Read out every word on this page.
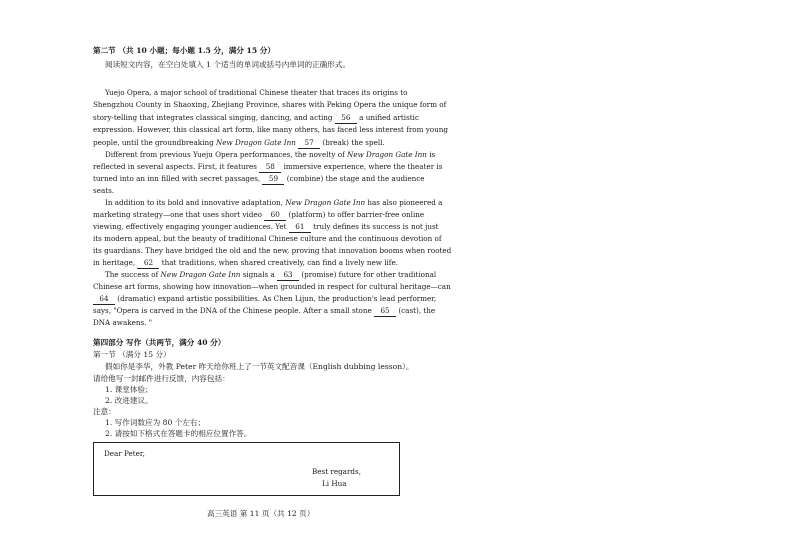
第二节 （共 10 小题；每小题 1.5 分，满分 15 分）
阅读短文内容，在空白处填入 1 个适当的单词或括号内单词的正确形式。
Yuejo Opera, a major school of traditional Chinese theater that traces its origins to
Shengzhou County in Shaoxing, Zhejiang Province, shares with Peking Opera the unique form of
story-telling that integrates classical singing, dancing, and acting 56 a unified artistic
expression. However, this classical art form, like many others, has faced less interest from young
people, until the groundbreaking New Dragon Gate Inn 57 (break) the spell.
Different from previous Yueju Opera performances, the novelty of New Dragon Gate Inn is
reflected in several aspects. First, it features 58 immersive experience, where the theater is
turned into an inn filled with secret passages, 59 (combine) the stage and the audience
seats.
In addition to its bold and innovative adaptation, New Dragon Gate Inn has also pioneered a
marketing strategy—one that uses short video 60 (platform) to offer barrier-free online
viewing, effectively engaging younger audiences. Yet 61 truly defines its success is not just
its modern appeal, but the beauty of traditional Chinese culture and the continuous devotion of
its guardians. They have bridged the old and the new, proving that innovation booms when rooted
in heritage, 62 that traditions, when shared creatively, can find a lively new life.
The success of New Dragon Gate Inn signals a 63 (promise) future for other traditional
Chinese art forms, showing how innovation—when grounded in respect for cultural heritage—can
64 (dramatic) expand artistic possibilities. As Chen Lijun, the production's lead performer,
says, "Opera is carved in the DNA of the Chinese people. After a small stone 65 (cast), the
DNA awakens. "
第四部分 写作（共两节，满分 40 分）
第一节 （满分 15 分）
假如你是李华，外教 Peter 昨天给你班上了一节英文配音课（English dubbing lesson）。
请给他写一封邮件进行反馈，内容包括：
1. 课堂体验；
2. 改进建议。
注意：
1. 写作词数应为 80 个左右；
2. 请按如下格式在答题卡的相应位置作答。
Dear Peter,
Best regards,
Li Hua
高三英语 第 11 页（共 12 页）
